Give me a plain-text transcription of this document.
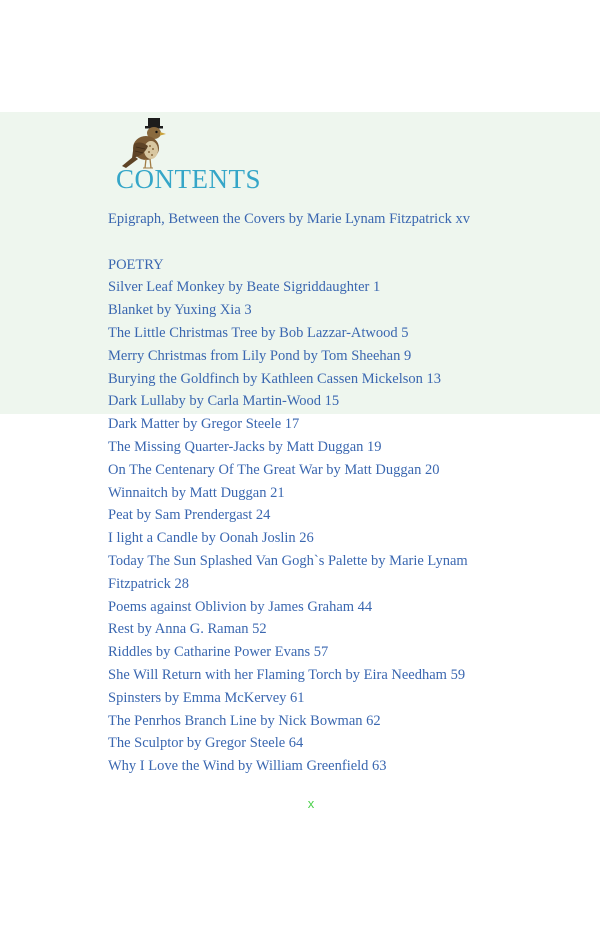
CONTENTS
Epigraph, Between the Covers by Marie Lynam Fitzpatrick xv
POETRY
Silver Leaf Monkey by Beate Sigriddaughter 1
Blanket by Yuxing Xia 3
The Little Christmas Tree by Bob Lazzar-Atwood 5
Merry Christmas from Lily Pond by Tom Sheehan 9
Burying the Goldfinch by Kathleen Cassen Mickelson 13
Dark Lullaby by Carla Martin-Wood 15
Dark Matter by Gregor Steele 17
The Missing Quarter-Jacks by Matt Duggan 19
On The Centenary Of The Great War by Matt Duggan 20
Winnaitch by Matt Duggan 21
Peat by Sam Prendergast 24
I light a Candle by Oonah Joslin 26
Today The Sun Splashed Van Gogh`s Palette by Marie Lynam
Fitzpatrick 28
Poems against Oblivion by James Graham 44
Rest by Anna G. Raman 52
Riddles by Catharine Power Evans 57
She Will Return with her Flaming Torch by Eira Needham 59
Spinsters by Emma McKervey 61
The Penrhos Branch Line by Nick Bowman 62
The Sculptor by Gregor Steele 64
Why I Love the Wind by William Greenfield 63
x
